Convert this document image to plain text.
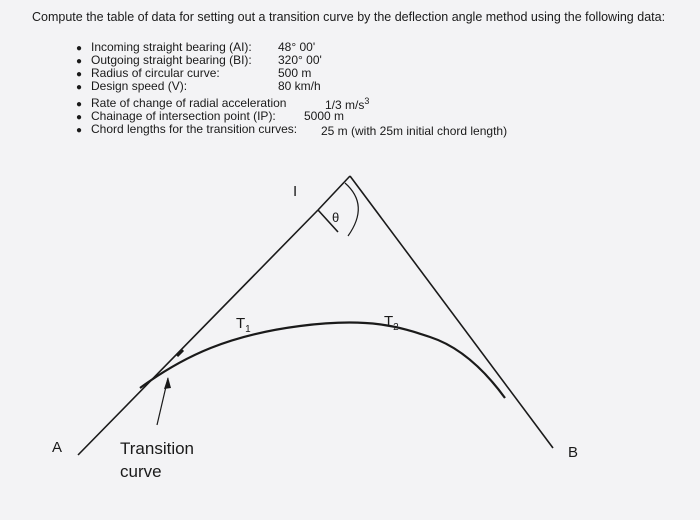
Compute the table of data for setting out a transition curve by the deflection angle method using the following data:
● Incoming straight bearing (AI): 48° 00'
● Outgoing straight bearing (BI): 320° 00'
● Radius of circular curve:	500 m
● Design speed (V):	80 km/h
● Rate of change of radial acceleration	1/3 $m/s^3$
● Chainage of intersection point (IP): 5000 m
● Chord lengths for the transition curves: 25 m (with 25m initial chord length)
A	B
I
θ
$T_1$	$T_2$
Transition
curve
